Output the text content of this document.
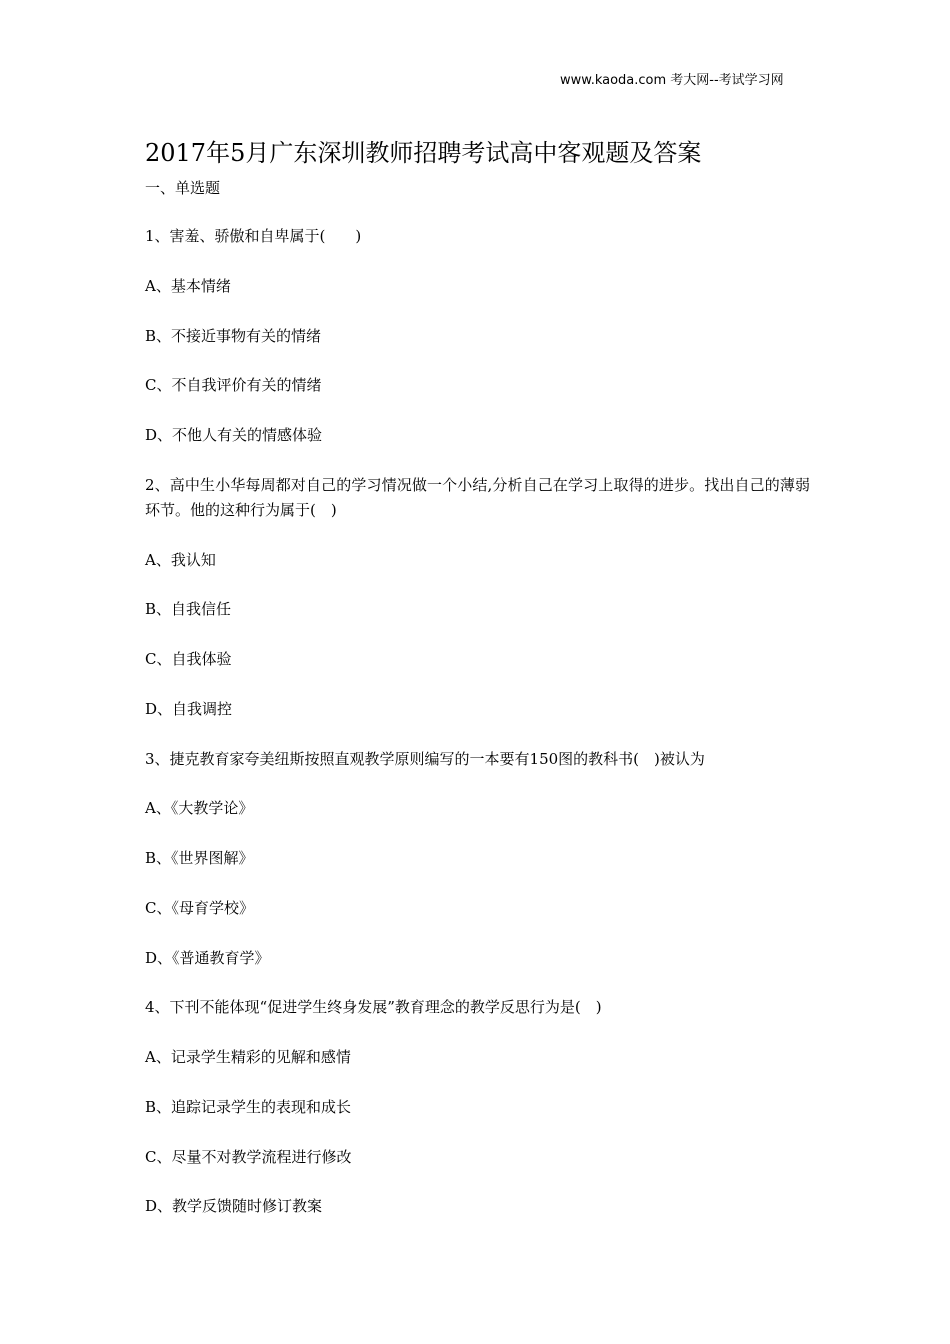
www.kaoda.com 考大网--考试学习网
2017年5月广东深圳教师招聘考试高中客观题及答案
一、单选题
1、害羞、骄傲和自卑属于(　　)
A、基本情绪
B、不接近事物有关的情绪
C、不自我评价有关的情绪
D、不他人有关的情感体验
2、高中生小华每周都对自己的学习情况做一个小结,分析自己在学习上取得的进步。找出自己的薄弱环节。他的这种行为属于(　)
A、我认知
B、自我信任
C、自我体验
D、自我调控
3、捷克教育家夸美纽斯按照直观教学原则编写的一本要有150图的教科书(　)被认为
A、《大教学论》
B、《世界图解》
C、《母育学校》
D、《普通教育学》
4、下刊不能体现“促进学生终身发展”教育理念的教学反思行为是(　)
A、记录学生精彩的见解和感情
B、追踪记录学生的表现和成长
C、尽量不对教学流程进行修改
D、教学反馈随时修订教案
